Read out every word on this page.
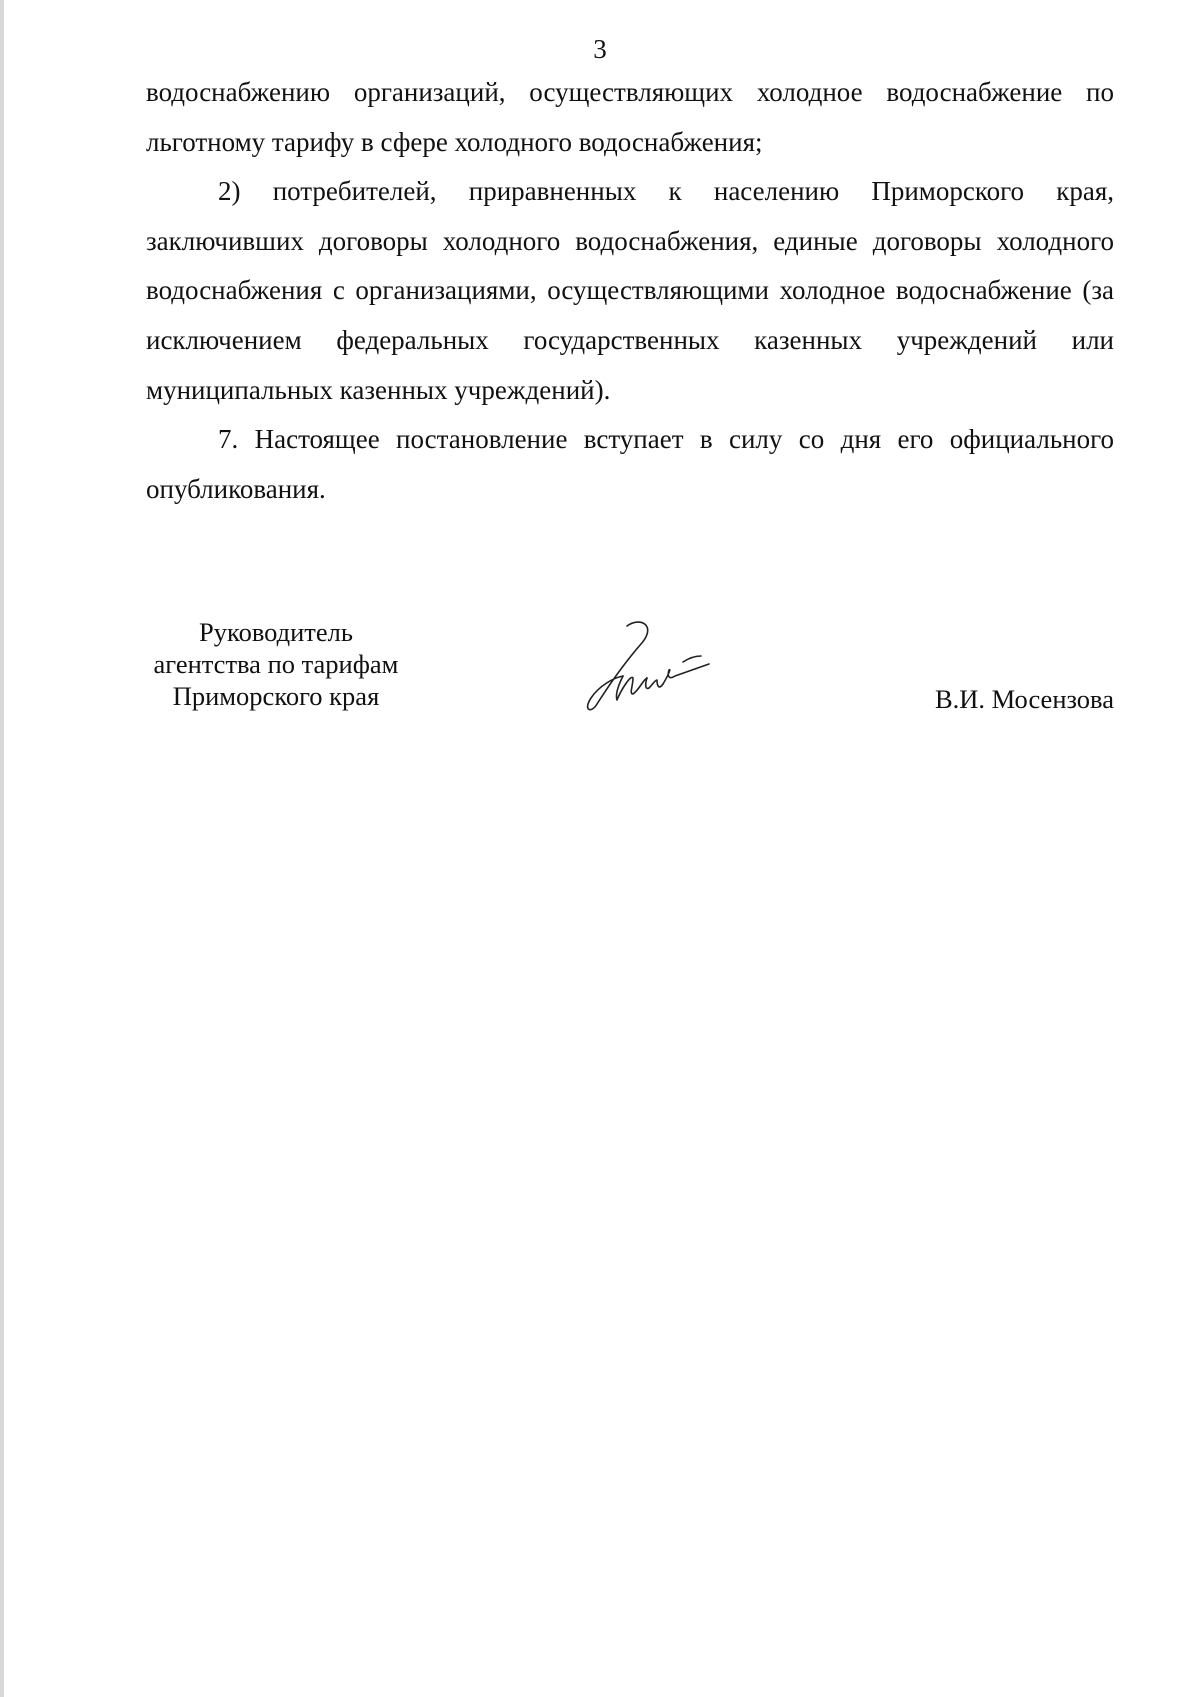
3

водоснабжению организаций, осуществляющих холодное водоснабжение по льготному тарифу в сфере холодного водоснабжения;

2) потребителей, приравненных к населению Приморского края, заключивших договоры холодного водоснабжения, единые договоры холодного водоснабжения с организациями, осуществляющими холодное водоснабжение (за исключением федеральных государственных казенных учреждений или муниципальных казенных учреждений).

7. Настоящее постановление вступает в силу со дня его официального опубликования.

Руководитель
агентства по тарифам
Приморского края	В.И. Мосензова
